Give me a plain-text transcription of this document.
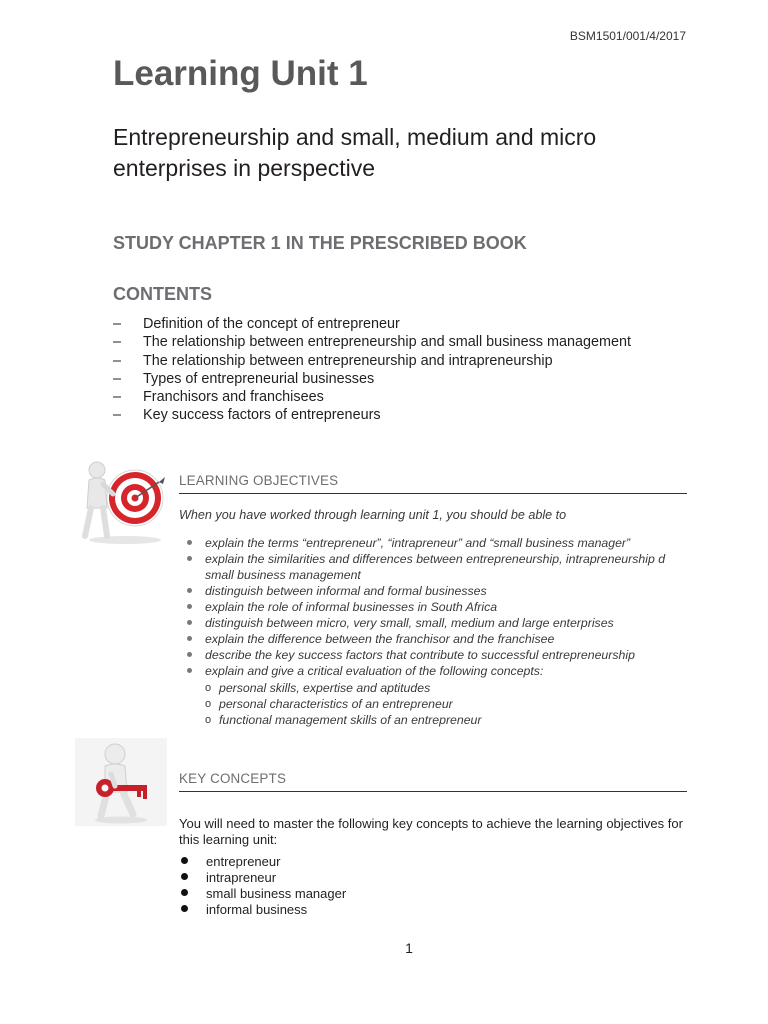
BSM1501/001/4/2017
Learning Unit 1
Entrepreneurship and small, medium and micro enterprises in perspective
STUDY CHAPTER 1 IN THE PRESCRIBED BOOK
CONTENTS
– Definition of the concept of entrepreneur
– The relationship between entrepreneurship and small business management
– The relationship between entrepreneurship and intrapreneurship
– Types of entrepreneurial businesses
– Franchisors and franchisees
– Key success factors of entrepreneurs
LEARNING OBJECTIVES

When you have worked through learning unit 1, you should be able to

explain the terms “entrepreneur”, “intrapreneur” and “small business manager”
explain the similarities and differences between entrepreneurship, intrapreneurship d
small business management
distinguish between informal and formal businesses
explain the role of informal businesses in South Africa
distinguish between micro, very small, small, medium and large enterprises
explain the difference between the franchisor and the franchisee
describe the key success factors that contribute to successful entrepreneurship
explain and give a critical evaluation of the following concepts:
o personal skills, expertise and aptitudes
o personal characteristics of an entrepreneur
o functional management skills of an entrepreneur
KEY CONCEPTS

You will need to master the following key concepts to achieve the learning objectives for this learning unit:

entrepreneur
intrapreneur
small business manager
informal business
1
